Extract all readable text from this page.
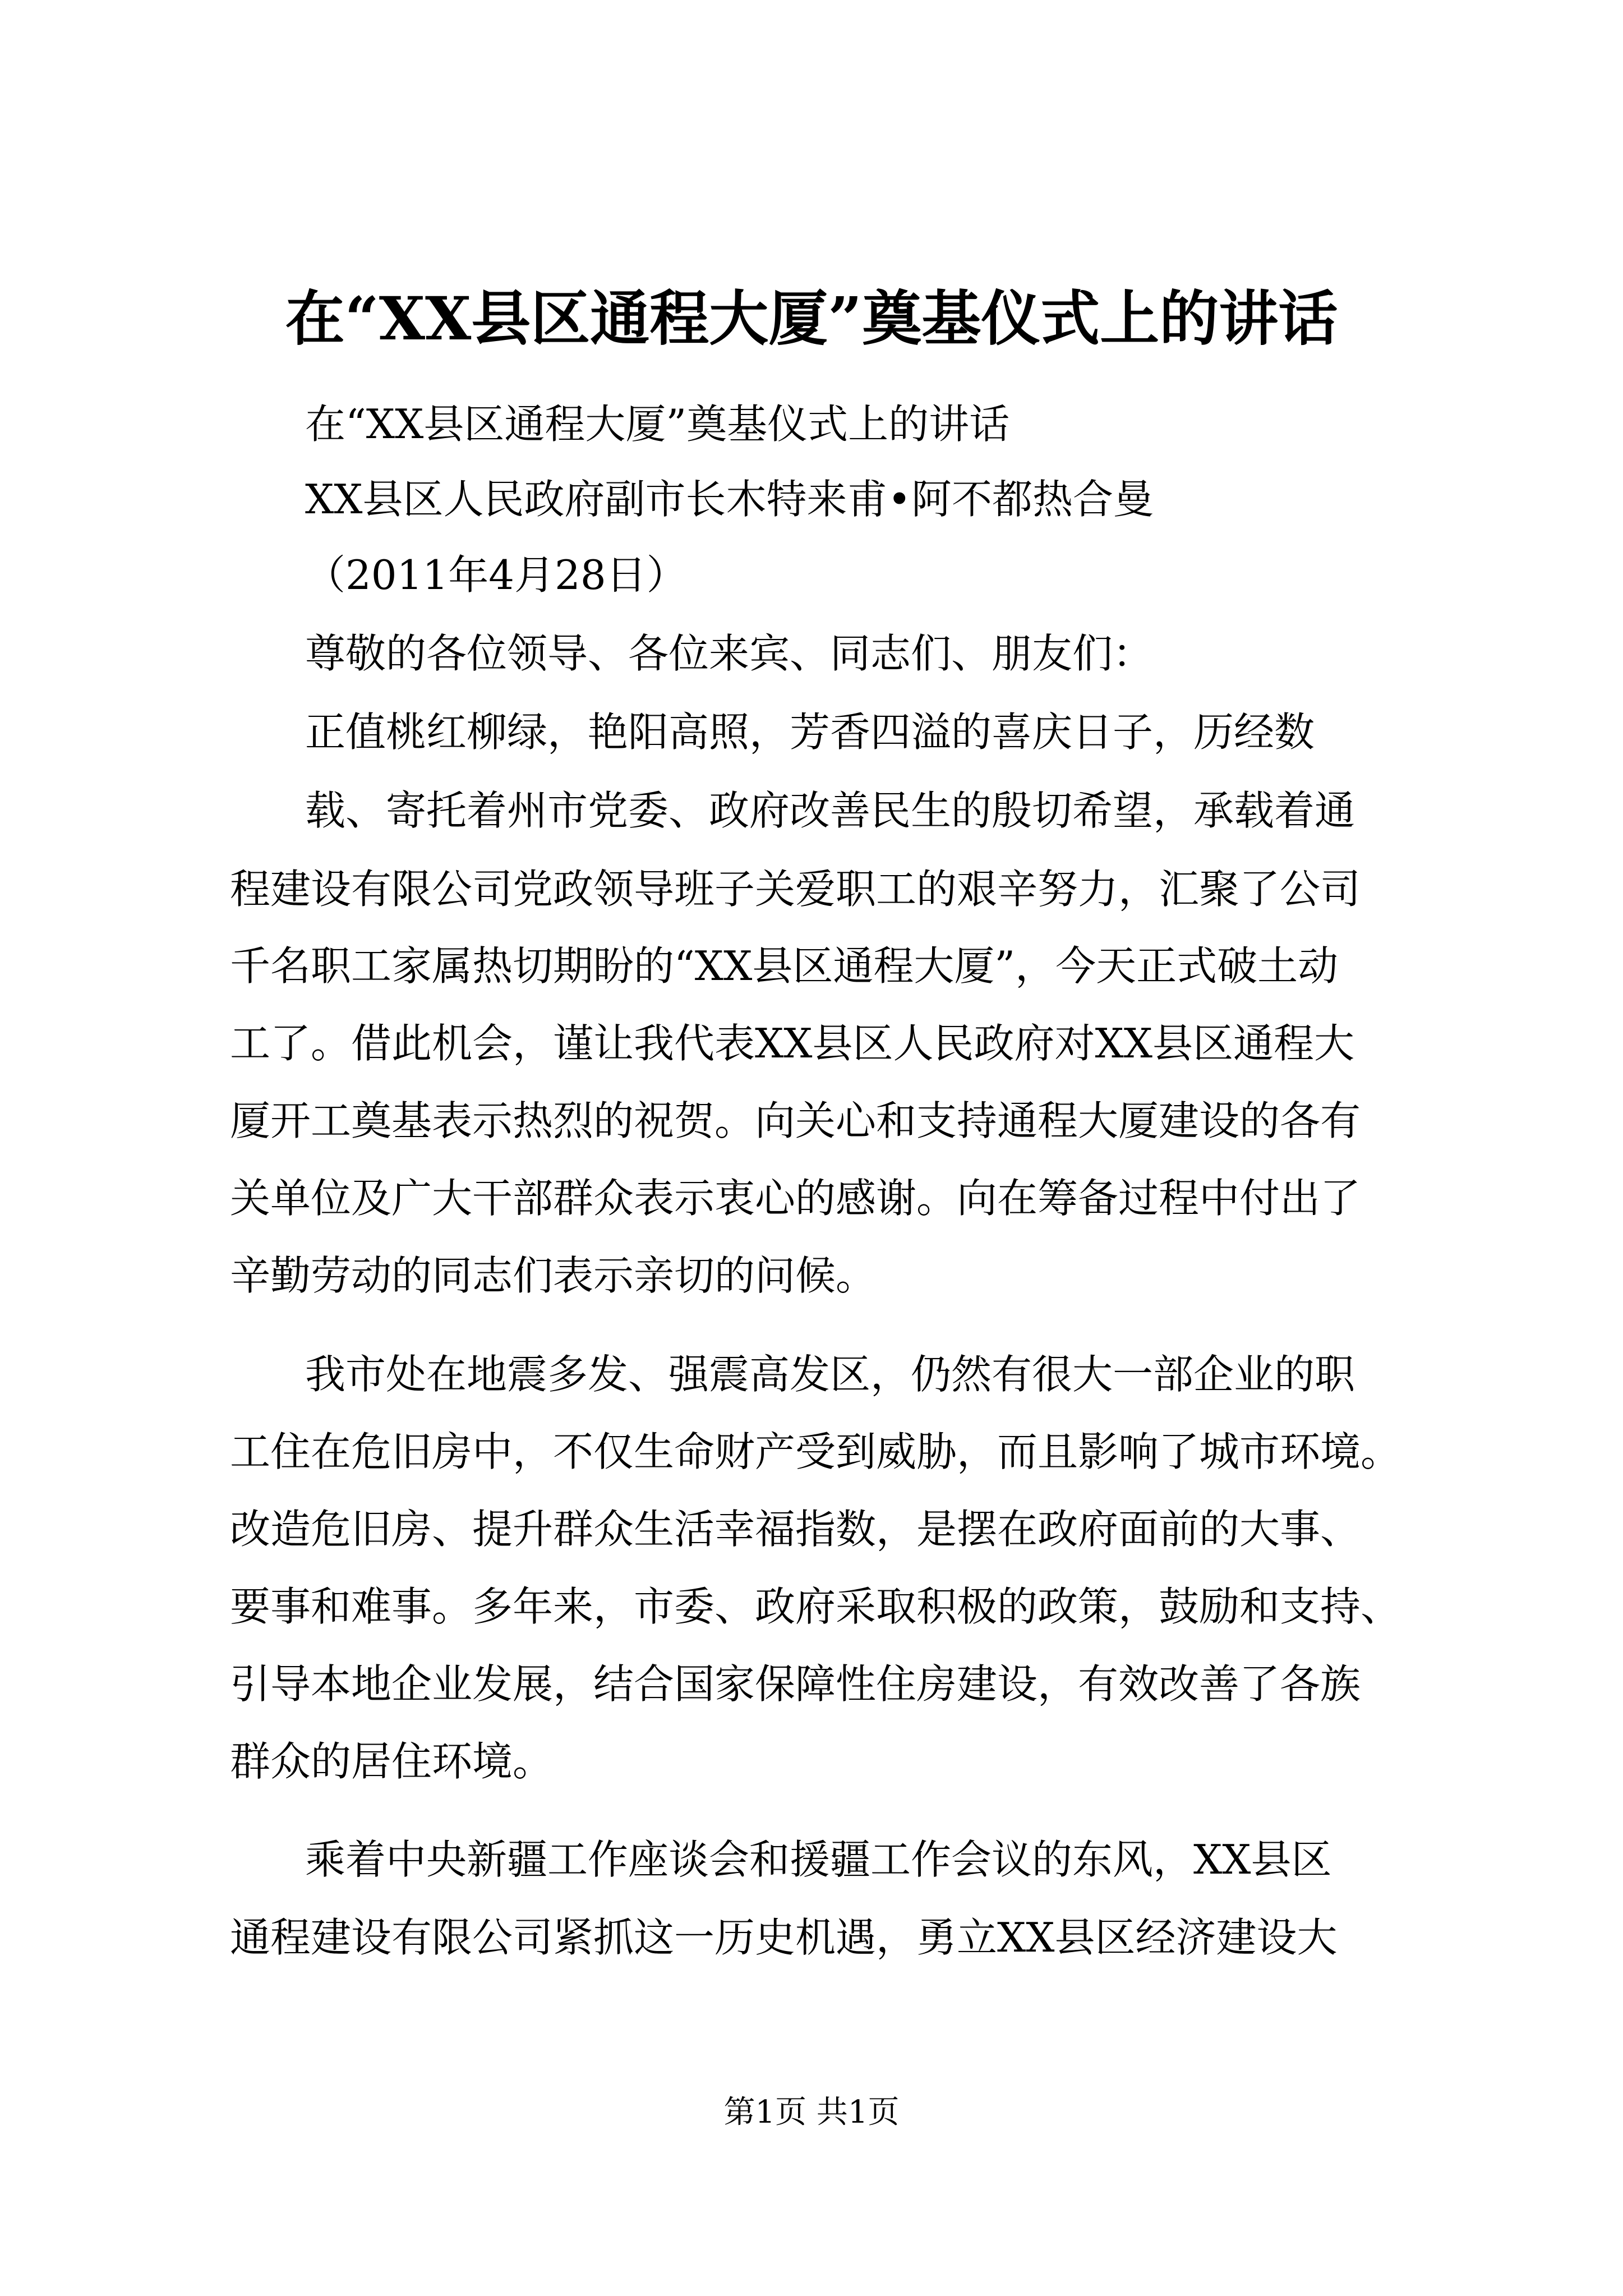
在“XX县区通程大厦”奠基仪式上的讲话
在“XX县区通程大厦”奠基仪式上的讲话
XX县区人民政府副市长木特来甫•阿不都热合曼
（2011年4月28日）
尊敬的各位领导、各位来宾、同志们、朋友们：
正值桃红柳绿，艳阳高照，芳香四溢的喜庆日子，历经数
载、寄托着州市党委、政府改善民生的殷切希望，承载着通
程建设有限公司党政领导班子关爱职工的艰辛努力，汇聚了公司
千名职工家属热切期盼的“XX县区通程大厦”，今天正式破土动
工了。借此机会，谨让我代表XX县区人民政府对XX县区通程大
厦开工奠基表示热烈的祝贺。向关心和支持通程大厦建设的各有
关单位及广大干部群众表示衷心的感谢。向在筹备过程中付出了
辛勤劳动的同志们表示亲切的问候。
我市处在地震多发、强震高发区，仍然有很大一部企业的职
工住在危旧房中，不仅生命财产受到威胁，而且影响了城市环境。
改造危旧房、提升群众生活幸福指数，是摆在政府面前的大事、
要事和难事。多年来，市委、政府采取积极的政策，鼓励和支持、
引导本地企业发展，结合国家保障性住房建设，有效改善了各族
群众的居住环境。
乘着中央新疆工作座谈会和援疆工作会议的东风，XX县区
通程建设有限公司紧抓这一历史机遇，勇立XX县区经济建设大
第1页 共1页
